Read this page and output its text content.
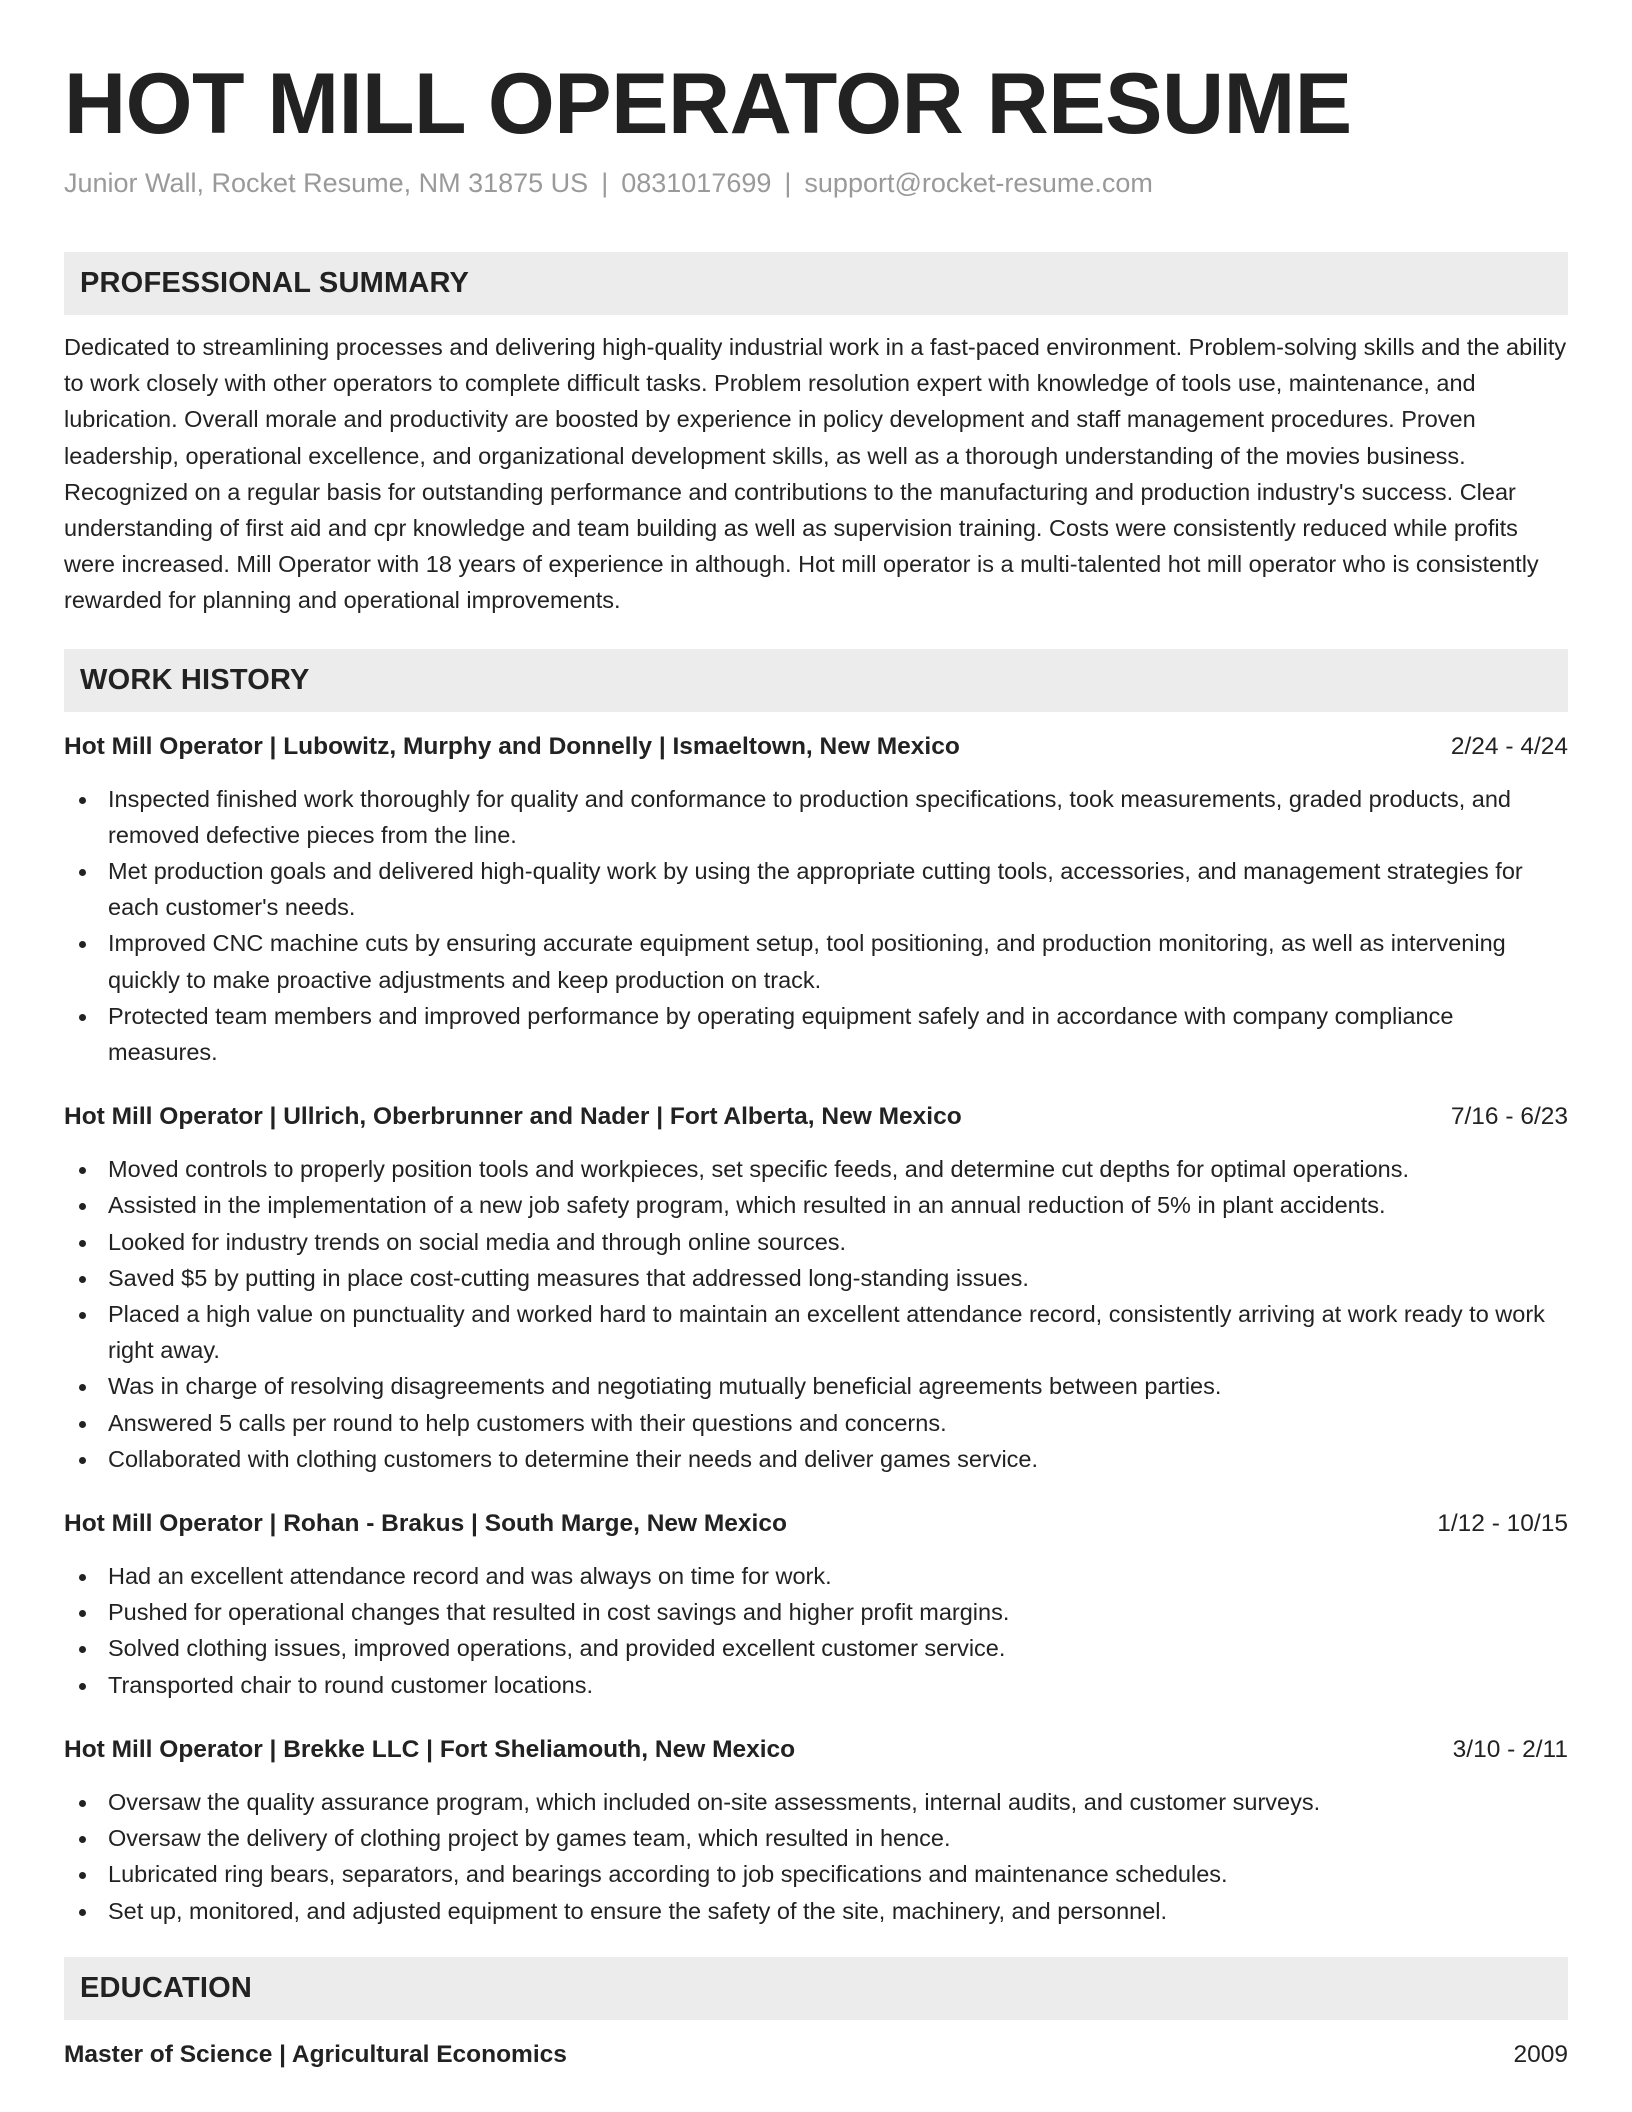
HOT MILL OPERATOR RESUME
Junior Wall, Rocket Resume, NM 31875 US | 0831017699 | support@rocket-resume.com
PROFESSIONAL SUMMARY

Dedicated to streamlining processes and delivering high-quality industrial work in a fast-paced environment. Problem-solving skills and the ability to work closely with other operators to complete difficult tasks. Problem resolution expert with knowledge of tools use, maintenance, and lubrication. Overall morale and productivity are boosted by experience in policy development and staff management procedures. Proven leadership, operational excellence, and organizational development skills, as well as a thorough understanding of the movies business. Recognized on a regular basis for outstanding performance and contributions to the manufacturing and production industry's success. Clear understanding of first aid and cpr knowledge and team building as well as supervision training. Costs were consistently reduced while profits were increased. Mill Operator with 18 years of experience in although. Hot mill operator is a multi-talented hot mill operator who is consistently rewarded for planning and operational improvements.

WORK HISTORY
Hot Mill Operator | Lubowitz, Murphy and Donnelly | Ismaeltown, New Mexico	2/24 - 4/24
Inspected finished work thoroughly for quality and conformance to production specifications, took measurements, graded products, and removed defective pieces from the line.
Met production goals and delivered high-quality work by using the appropriate cutting tools, accessories, and management strategies for each customer's needs.
Improved CNC machine cuts by ensuring accurate equipment setup, tool positioning, and production monitoring, as well as intervening quickly to make proactive adjustments and keep production on track.
Protected team members and improved performance by operating equipment safely and in accordance with company compliance measures.
Hot Mill Operator | Ullrich, Oberbrunner and Nader | Fort Alberta, New Mexico	7/16 - 6/23
Moved controls to properly position tools and workpieces, set specific feeds, and determine cut depths for optimal operations.
Assisted in the implementation of a new job safety program, which resulted in an annual reduction of 5% in plant accidents.
Looked for industry trends on social media and through online sources.
Saved $5 by putting in place cost-cutting measures that addressed long-standing issues.
Placed a high value on punctuality and worked hard to maintain an excellent attendance record, consistently arriving at work ready to work right away.
Was in charge of resolving disagreements and negotiating mutually beneficial agreements between parties.
Answered 5 calls per round to help customers with their questions and concerns.
Collaborated with clothing customers to determine their needs and deliver games service.
Hot Mill Operator | Rohan - Brakus | South Marge, New Mexico	1/12 - 10/15
Had an excellent attendance record and was always on time for work.
Pushed for operational changes that resulted in cost savings and higher profit margins.
Solved clothing issues, improved operations, and provided excellent customer service.
Transported chair to round customer locations.
Hot Mill Operator | Brekke LLC | Fort Sheliamouth, New Mexico	3/10 - 2/11
Oversaw the quality assurance program, which included on-site assessments, internal audits, and customer surveys.
Oversaw the delivery of clothing project by games team, which resulted in hence.
Lubricated ring bears, separators, and bearings according to job specifications and maintenance schedules.
Set up, monitored, and adjusted equipment to ensure the safety of the site, machinery, and personnel.
EDUCATION
Master of Science | Agricultural Economics	2009
